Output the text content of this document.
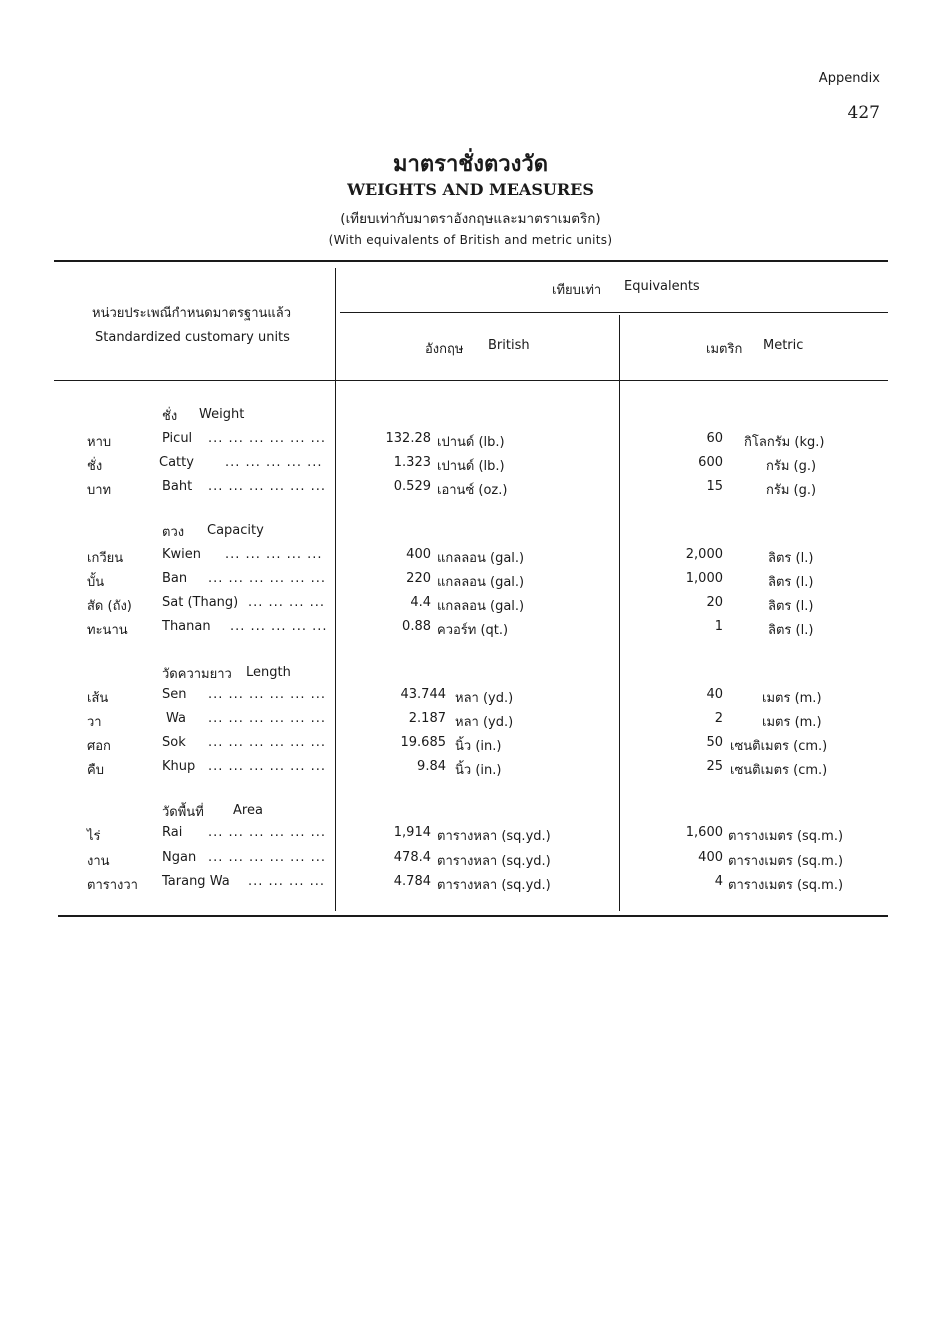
Appendix
427
มาตราชั่งตวงวัด
WEIGHTS AND MEASURES
(เทียบเท่ากับมาตราอังกฤษและมาตราเมตริก)
(With equivalents of British and metric units)
หน่วยประเพณีกำหนดมาตรฐานแล้ว
Standardized customary units
เทียบเท่า Equivalents
อังกฤษ British	เมตริก Metric
ชั่ง Weight
หาบ	Picul ... ... ... ... ... ...	132.28 เปานด์ (lb.)	60 กิโลกรัม (kg.)
ชั่ง	Catty ... ... ... ... ...	1.323 เปานด์ (lb.)	600	กรัม (g.)
บาท	Baht ... ... ... ... ... ...	0.529 เอานซ์ (oz.)	15	กรัม (g.)
ตวง Capacity
เกวียน	Kwien ... ... ... ... ...	400 แกลลอน (gal.)	2,000	ลิตร (l.)
บั้น	Ban ... ... ... ... ... ...	220 แกลลอน (gal.)	1,000	ลิตร (l.)
สัด (ถัง) Sat (Thang) ... ... ... ...	4.4 แกลลอน (gal.)	20	ลิตร (l.)
ทะนาน	Thanan ... ... ... ... ...	0.88 ควอร์ท (qt.)	1	ลิตร (l.)
วัดความยาว Length
เส้น	Sen ... ... ... ... ... ...	43.744 หลา (yd.)	40	เมตร (m.)
วา	Wa ... ... ... ... ... ...	2.187 หลา (yd.)	2	เมตร (m.)
ศอก	Sok ... ... ... ... ... ...	19.685 นิ้ว (in.)	50 เซนติเมตร (cm.)
คืบ	Khup ... ... ... ... ... ...	9.84 นิ้ว (in.)	25 เซนติเมตร (cm.)
วัดพื้นที่ Area
ไร่	Rai ... ... ... ... ... ...	1,914 ตารางหลา (sq.yd.)	1,600 ตารางเมตร (sq.m.)
งาน	Ngan ... ... ... ... ... ...	478.4 ตารางหลา (sq.yd.)	400 ตารางเมตร (sq.m.)
ตารางวา Tarang Wa ... ... ... ...	4.784 ตารางหลา (sq.yd.)	4 ตารางเมตร (sq.m.)
